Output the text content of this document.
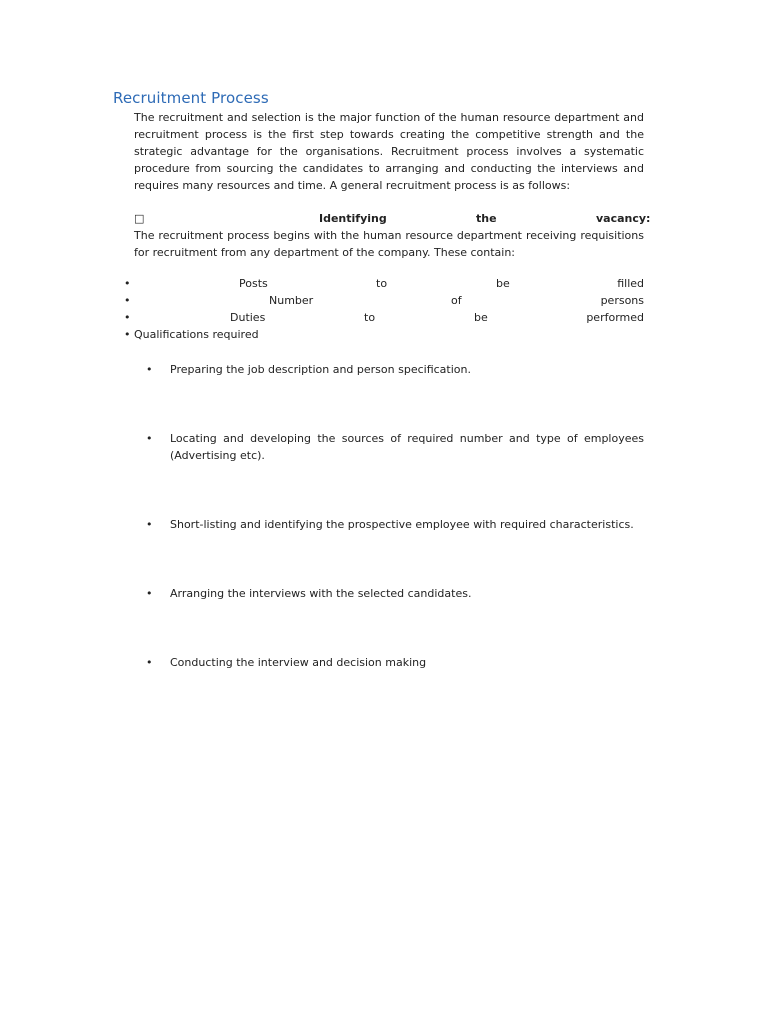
Recruitment Process
The recruitment and selection is the major function of the human resource department and recruitment process is the first step towards creating the competitive strength and the strategic advantage for the organisations. Recruitment process involves a systematic procedure from sourcing the candidates to arranging and conducting the interviews and requires many resources and time. A general recruitment process is as follows:
□	Identifying	the	vacancy:
The recruitment process begins with the human resource department receiving requisitions for recruitment from any department of the company. These contain:
•	Posts	to	be	filled
•	Number	of	persons
•	Duties	to	be	performed
• Qualifications required
• Preparing the job description and person specification.
• Locating and developing the sources of required number and type of employees (Advertising etc).
• Short-listing and identifying the prospective employee with required characteristics.
• Arranging the interviews with the selected candidates.
• Conducting the interview and decision making
